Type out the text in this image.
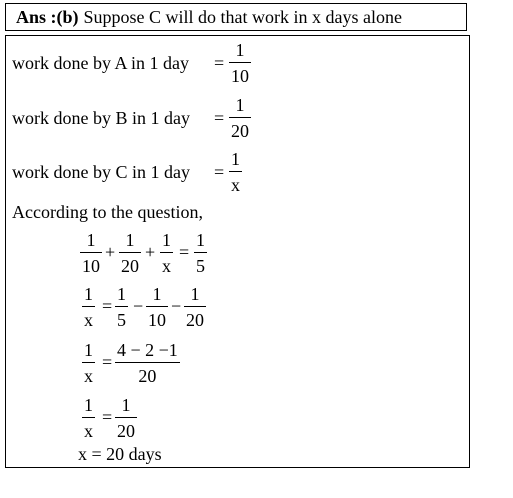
Ans : (b) Suppose C will do that work in x days alone
work done by A in 1 day =
1
10
work done by B in 1 day =
1
20
work done by C in 1 day =
1
x
According to the question,
1
10
+
1
20
+
1
x
=
1
5
1
x
=
1
5
−
1
10
−
1
20
1
x
=
4 − 2 −1
20
1
x
=
1
20
x = 20 days
